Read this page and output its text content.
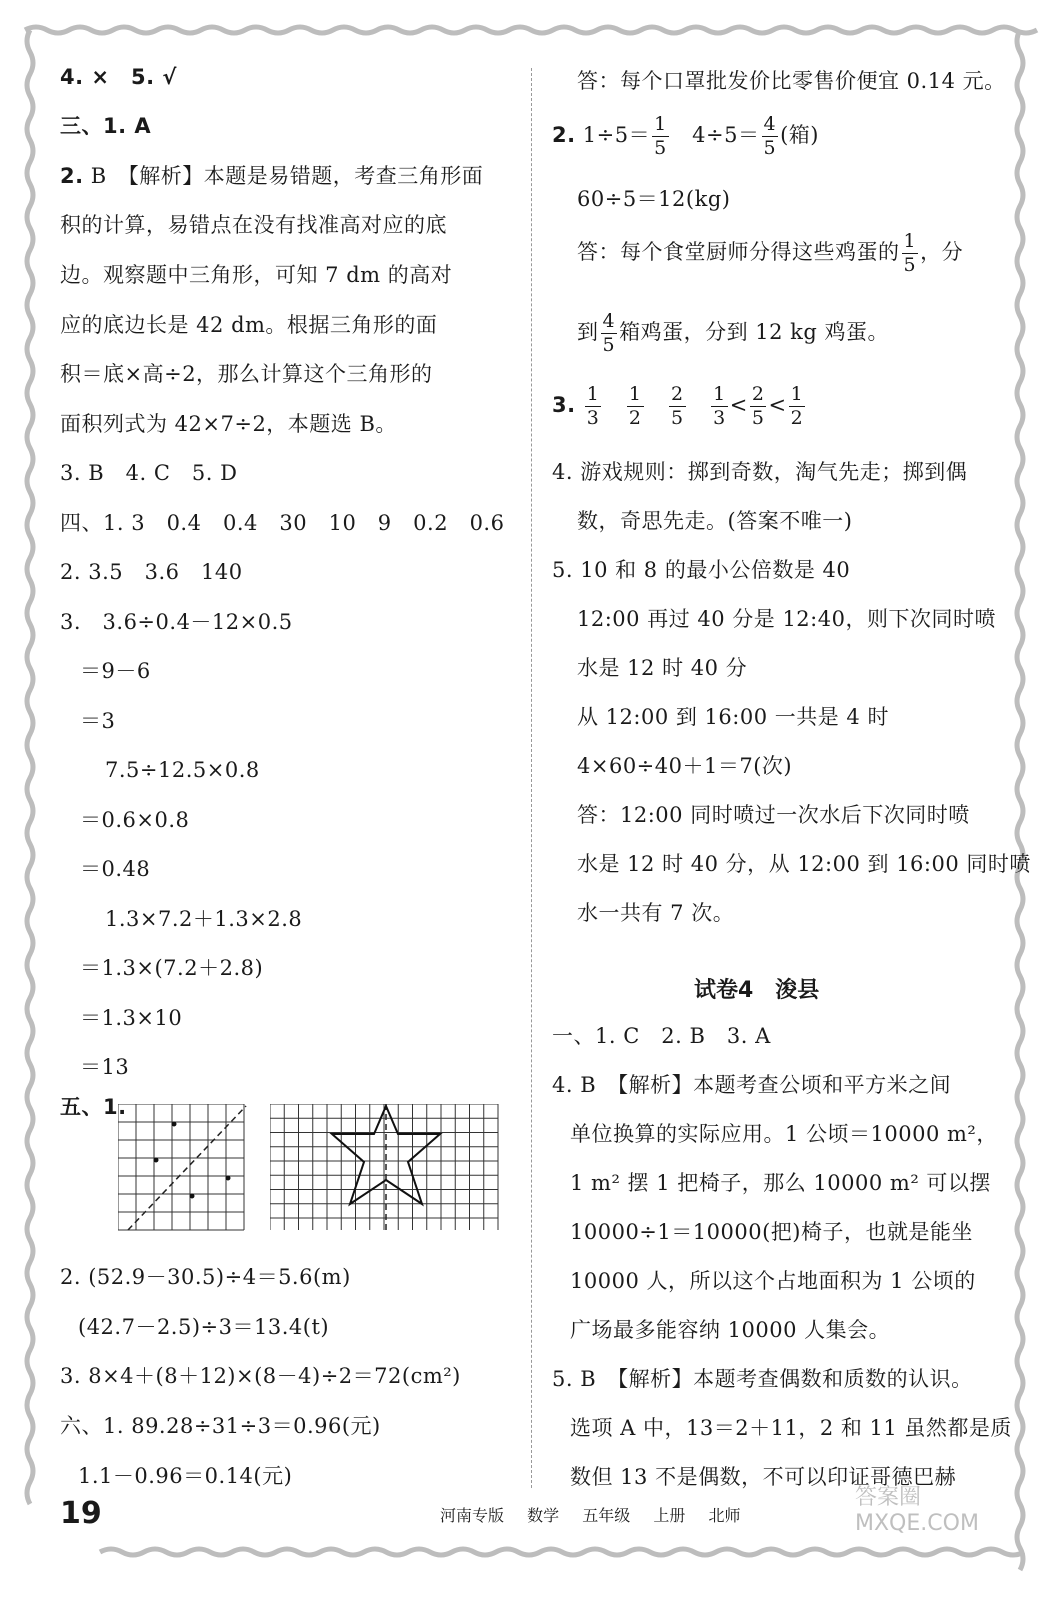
4. ×　5. √
三、1. A
2. B　【解析】本题是易错题，考查三角形面
积的计算，易错点在没有找准高对应的底
边。观察题中三角形，可知 7 dm 的高对
应的底边长是 42 dm。根据三角形的面
积＝底×高÷2，那么计算这个三角形的
面积列式为 42×7÷2，本题选 B。
3. B　4. C　5. D
四、1. 3　0.4　0.4　30　10　9　0.2　0.6
2. 3.5　3.6　140
3.　3.6÷0.4－12×0.5
＝9－6
＝3
7.5÷12.5×0.8
＝0.6×0.8
＝0.48
1.3×7.2＋1.3×2.8
＝1.3×(7.2＋2.8)
＝1.3×10
＝13
五、1.
2. (52.9－30.5)÷4＝5.6(m)
(42.7－2.5)÷3＝13.4(t)
3. 8×4＋(8＋12)×(8－4)÷2＝72(cm²)
六、1. 89.28÷31÷3＝0.96(元)
1.1－0.96＝0.14(元)
答：每个口罩批发价比零售价便宜 0.14 元。
2. $1\div 5= \frac{1}{5}$ 　$4\div 5= \frac{4}{5}$ (箱)
60÷5＝12(kg)
答：每个食堂厨师分得这些鸡蛋的 $\frac{1}{5}$ ，分
到 $\frac{4}{5}$ 箱鸡蛋，分到 12 kg 鸡蛋。
3. $\frac{1}{3}$
$\frac{1}{2}$
$\frac{2}{5}$
$\frac{1}{3} < \frac{2}{5} < \frac{1}{2}$
4. 游戏规则：掷到奇数，淘气先走；掷到偶
数，奇思先走。(答案不唯一)
5. 10 和 8 的最小公倍数是 40
12:00 再过 40 分是 12:40，则下次同时喷
水是 12 时 40 分
从 12:00 到 16:00 一共是 4 时
4×60÷40＋1＝7(次)
答：12:00 同时喷过一次水后下次同时喷
水是 12 时 40 分，从 12:00 到 16:00 同时喷
水一共有 7 次。
试卷4　浚县
一、1. C　2. B　3. A
4. B　【解析】本题考查公顷和平方米之间
单位换算的实际应用。1 公顷＝10000 m²，
1 m² 摆 1 把椅子，那么 10000 m² 可以摆
10000÷1＝10000(把)椅子，也就是能坐
10000 人，所以这个占地面积为 1 公顷的
广场最多能容纳 10000 人集会。
5. B　【解析】本题考查偶数和质数的认识。
选项 A 中，13＝2＋11，2 和 11 虽然都是质
数但 13 不是偶数，不可以印证哥德巴赫
19	河南专版 数学 五年级 上册 北师
答案圈 MXQE.COM
